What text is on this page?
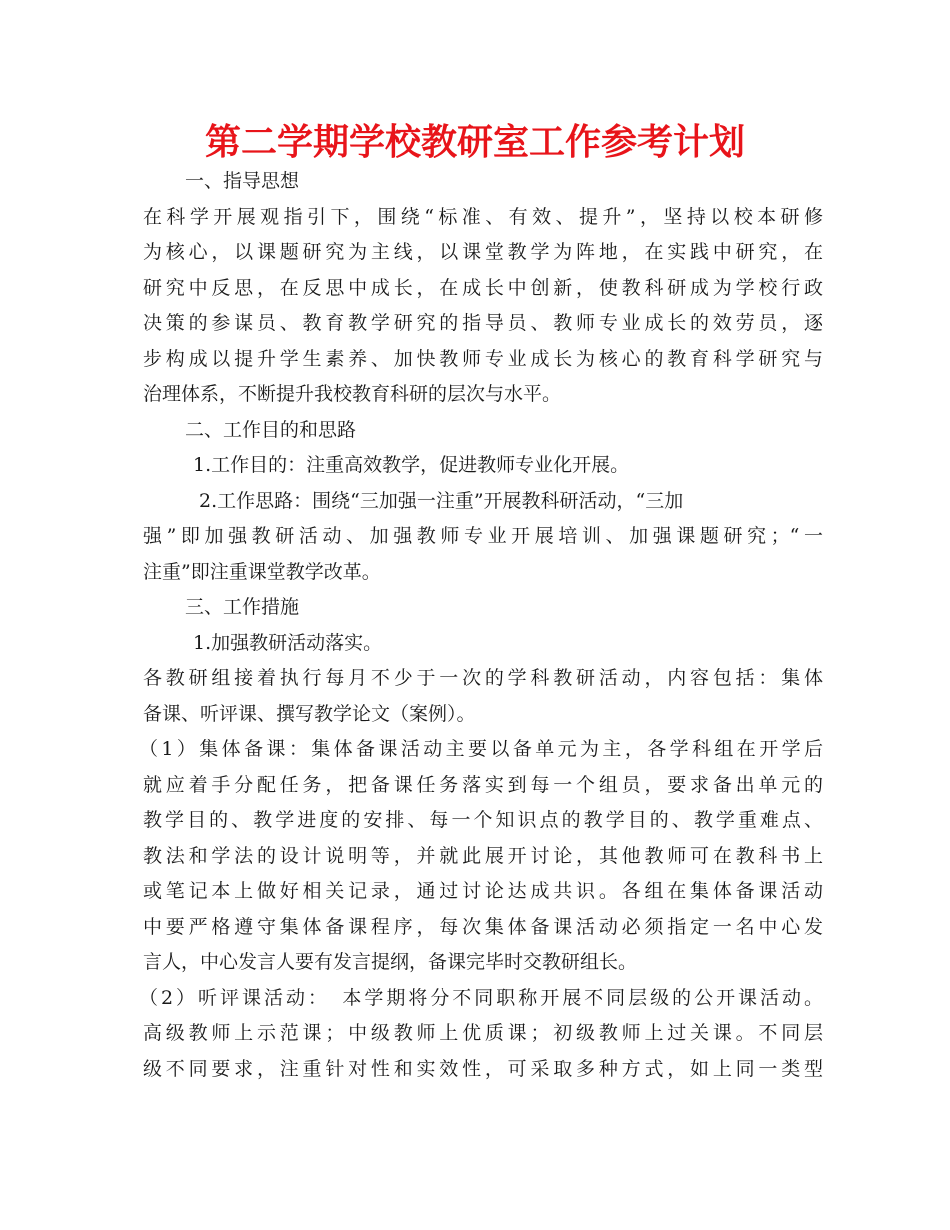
第二学期学校教研室工作参考计划
一、指导思想
在科学开展观指引下，围绕“标准、有效、提升”，坚持以校本研修
为核心，以课题研究为主线，以课堂教学为阵地，在实践中研究，在
研究中反思，在反思中成长，在成长中创新，使教科研成为学校行政
决策的参谋员、教育教学研究的指导员、教师专业成长的效劳员，逐
步构成以提升学生素养、加快教师专业成长为核心的教育科学研究与
治理体系，不断提升我校教育科研的层次与水平。
二、工作目的和思路
1.工作目的：注重高效教学，促进教师专业化开展。
2.工作思路：围绕“三加强一注重”开展教科研活动，“三加
强”即加强教研活动、加强教师专业开展培训、加强课题研究；“一
注重”即注重课堂教学改革。
三、工作措施
1.加强教研活动落实。
各教研组接着执行每月不少于一次的学科教研活动，内容包括：集体
备课、听评课、撰写教学论文（案例）。
（1）集体备课：集体备课活动主要以备单元为主，各学科组在开学后
就应着手分配任务，把备课任务落实到每一个组员，要求备出单元的
教学目的、教学进度的安排、每一个知识点的教学目的、教学重难点、
教法和学法的设计说明等，并就此展开讨论，其他教师可在教科书上
或笔记本上做好相关记录，通过讨论达成共识。各组在集体备课活动
中要严格遵守集体备课程序，每次集体备课活动必须指定一名中心发
言人，中心发言人要有发言提纲，备课完毕时交教研组长。
（2）听评课活动：　本学期将分不同职称开展不同层级的公开课活动。
高级教师上示范课；中级教师上优质课；初级教师上过关课。不同层
级不同要求，注重针对性和实效性，可采取多种方式，如上同一类型
